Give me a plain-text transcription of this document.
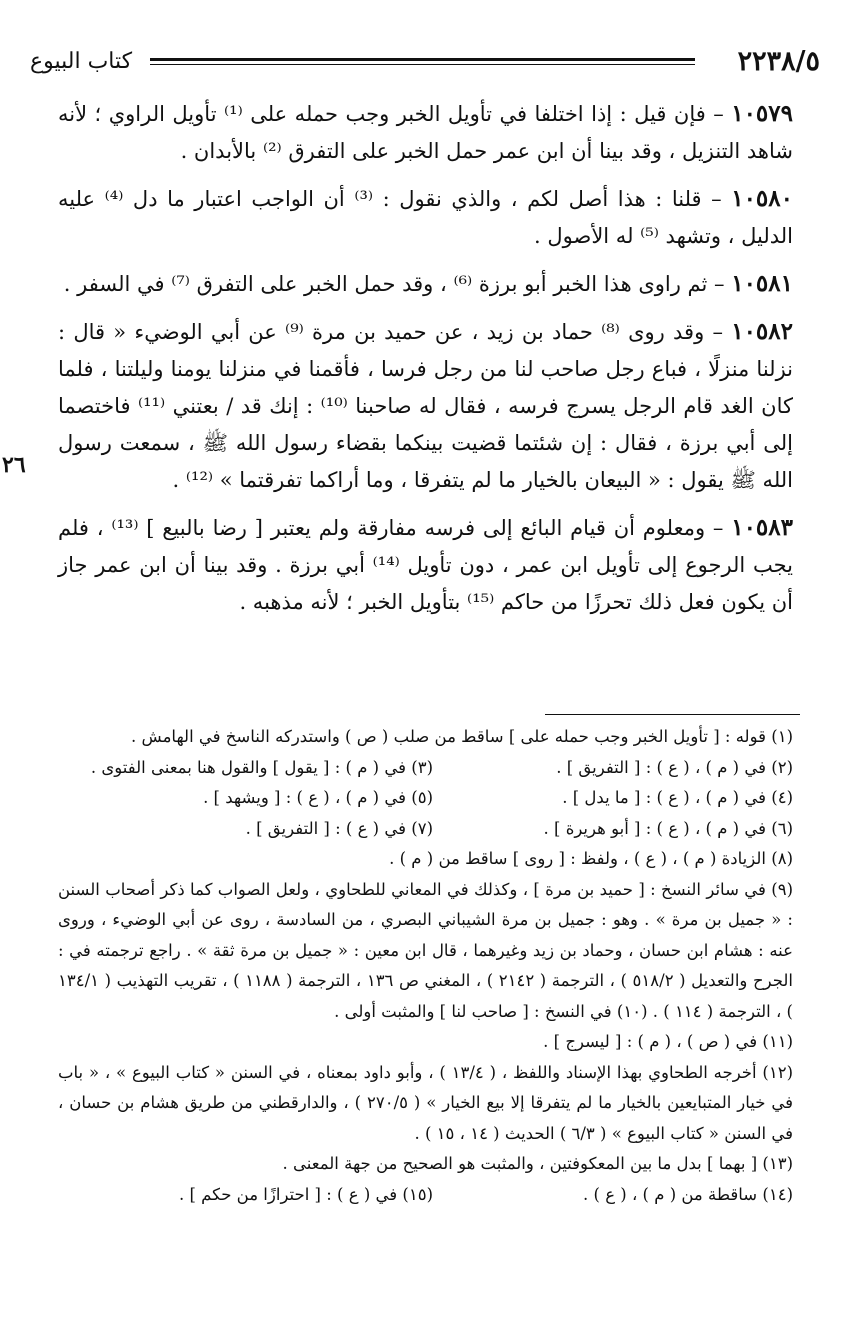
٢٢٣٨/٥
كتاب البيوع
٢٦

١٠٥٧٩ – فإن قيل : إذا اختلفا في تأويل الخبر وجب حمله على ⁽¹⁾ تأويل الراوي ؛ لأنه شاهد التنزيل ، وقد بينا أن ابن عمر حمل الخبر على التفرق ⁽²⁾ بالأبدان .

١٠٥٨٠ – قلنا : هذا أصل لكم ، والذي نقول : ⁽³⁾ أن الواجب اعتبار ما دل ⁽⁴⁾ عليه الدليل ، وتشهد ⁽⁵⁾ له الأصول .

١٠٥٨١ – ثم راوى هذا الخبر أبو برزة ⁽⁶⁾ ، وقد حمل الخبر على التفرق ⁽⁷⁾ في السفر .

١٠٥٨٢ – وقد روى ⁽⁸⁾ حماد بن زيد ، عن حميد بن مرة ⁽⁹⁾ عن أبي الوضيء « قال : نزلنا منزلًا ، فباع رجل صاحب لنا من رجل فرسا ، فأقمنا في منزلنا يومنا وليلتنا ، فلما كان الغد قام الرجل يسرج فرسه ، فقال له صاحبنا ⁽¹⁰⁾ : إنك قد / بعتني ⁽¹¹⁾ فاختصما إلى أبي برزة ، فقال : إن شئتما قضيت بينكما بقضاء رسول الله ﷺ ، سمعت رسول الله ﷺ يقول : « البيعان بالخيار ما لم يتفرقا ، وما أراكما تفرقتما » ⁽¹²⁾ .

١٠٥٨٣ – ومعلوم أن قيام البائع إلى فرسه مفارقة ولم يعتبر [ رضا بالبيع ] ⁽¹³⁾ ، فلم يجب الرجوع إلى تأويل ابن عمر ، دون تأويل ⁽¹⁴⁾ أبي برزة . وقد بينا أن ابن عمر جاز أن يكون فعل ذلك تحرزًا من حاكم ⁽¹⁵⁾ بتأويل الخبر ؛ لأنه مذهبه .

(١) قوله : [ تأويل الخبر وجب حمله على ] ساقط من صلب ( ص ) واستدركه الناسخ في الهامش .
(٢) في ( م ) ، ( ع ) : [ التفريق ] .
(٣) في ( م ) : [ يقول ] والقول هنا بمعنى الفتوى .
(٤) في ( م ) ، ( ع ) : [ ما يدل ] .
(٥) في ( م ) ، ( ع ) : [ ويشهد ] .
(٦) في ( م ) ، ( ع ) : [ أبو هريرة ] .
(٧) في ( ع ) : [ التفريق ] .
(٨) الزيادة ( م ) ، ( ع ) ، ولفظ : [ روى ] ساقط من ( م ) .
(٩) في سائر النسخ : [ حميد بن مرة ] ، وكذلك في المعاني للطحاوي ، ولعل الصواب كما ذكر أصحاب السنن : « جميل بن مرة » . وهو : جميل بن مرة الشيباني البصري ، من السادسة ، روى عن أبي الوضيء ، وروى عنه : هشام ابن حسان ، وحماد بن زيد وغيرهما ، قال ابن معين : « جميل بن مرة ثقة » . راجع ترجمته في : الجرح والتعديل ( ٥١٨/٢ ) ، الترجمة ( ٢١٤٢ ) ، المغني ص ١٣٦ ، الترجمة ( ١١٨٨ ) ، تقريب التهذيب ( ١٣٤/١ ) ، الترجمة ( ١١٤ ) . (١٠) في النسخ : [ صاحب لنا ] والمثبت أولى .
(١١) في ( ص ) ، ( م ) : [ ليسرج ] .
(١٢) أخرجه الطحاوي بهذا الإسناد واللفظ ، ( ١٣/٤ ) ، وأبو داود بمعناه ، في السنن « كتاب البيوع » ، « باب في خيار المتبايعين بالخيار ما لم يتفرقا إلا بيع الخيار » ( ٢٧٠/٥ ) ، والدارقطني من طريق هشام بن حسان ، في السنن « كتاب البيوع » ( ٦/٣ ) الحديث ( ١٤ ، ١٥ ) .
(١٣) [ بهما ] بدل ما بين المعكوفتين ، والمثبت هو الصحيح من جهة المعنى .
(١٤) ساقطة من ( م ) ، ( ع ) .
(١٥) في ( ع ) : [ احترازًا من حكم ] .
